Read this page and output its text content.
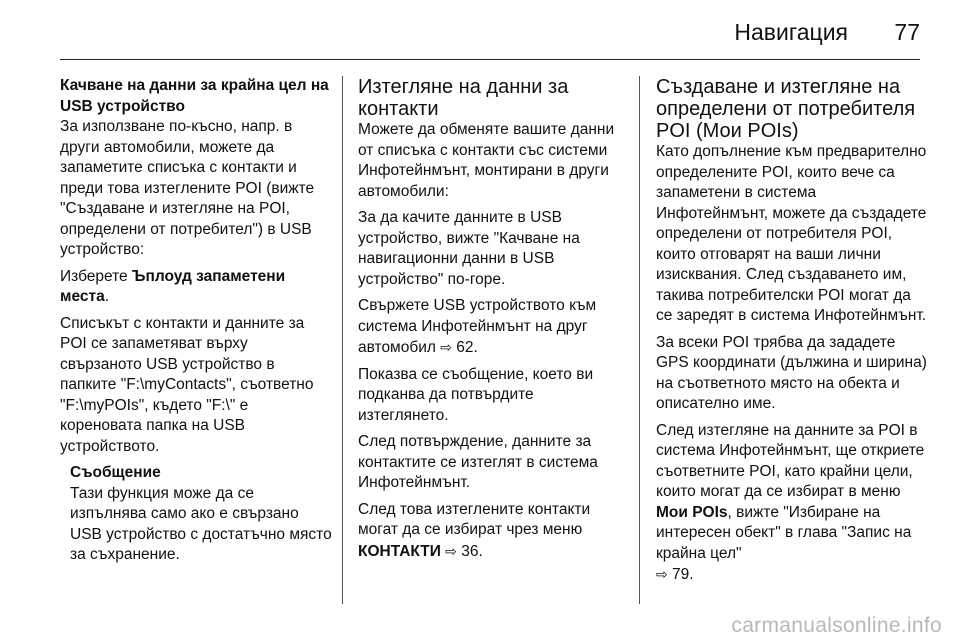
Навигация 77
Качване на данни за крайна цел на USB устройство

За използване по-късно, напр. в други автомобили, можете да запаметите списъка с контакти и преди това изтеглените POI (вижте "Създаване и изтегляне на POI, определени от потребител") в USB устройство:

Изберете Ъплоуд запаметени места.

Списъкът с контакти и данните за POI се запаметяват върху свързаното USB устройство в папките "F:\myContacts", съответно "F:\myPOIs", където "F:\" е кореновата папка на USB устройството.

Съобщение
Тази функция може да се изпълнява само ако е свързано USB устройство с достатъчно място за съхранение.
Изтегляне на данни за контакти

Можете да обменяте вашите данни от списъка с контакти със системи Инфотейнмънт, монтирани в други автомобили:

За да качите данните в USB устройство, вижте "Качване на навигационни данни в USB устройство" по-горе.

Свържете USB устройството към система Инфотейнмънт на друг автомобил ⇨ 62.

Показва се съобщение, което ви подканва да потвърдите изтеглянето.

След потвърждение, данните за контактите се изтеглят в система Инфотейнмънт.

След това изтеглените контакти могат да се избират чрез меню КОНТАКТИ ⇨ 36.

Създаване и изтегляне на определени от потребителя POI (Мои POIs)

Като допълнение към предварително определените POI, които вече са запаметени в система Инфотейнмънт, можете да създадете определени от потребителя POI, които отговарят на ваши лични изисквания. След създаването им, такива потребителски POI могат да се заредят в система Инфотейнмънт.

За всеки POI трябва да зададете GPS координати (дължина и ширина) на съответното място на обекта и описателно име.

След изтегляне на данните за POI в система Инфотейнмънт, ще откриете съответните POI, като крайни цели, които могат да се избират в меню Мои POIs, вижте "Избиране на интересен обект" в глава "Запис на крайна цел"
⇨ 79.

carmanualsonline.info
